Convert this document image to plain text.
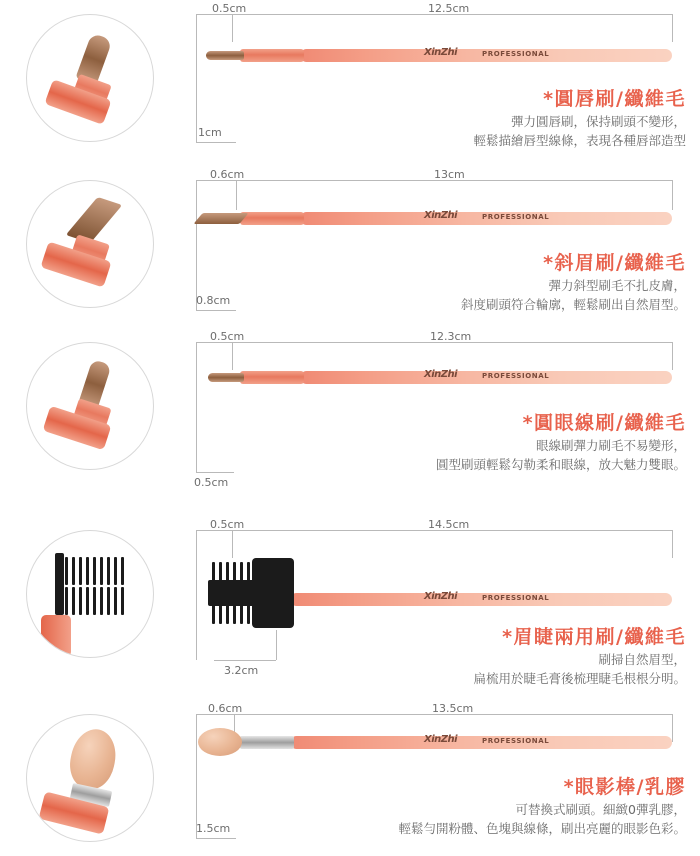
0.5cm	12.5cm
1cm
XinZhi	PROFESSIONAL
*圓唇刷/纖維毛
彈力圓唇刷，保持刷頭不變形，
輕鬆描繪唇型線條，表現各種唇部造型
0.6cm	13cm
0.8cm
XinZhi	PROFESSIONAL
*斜眉刷/纖維毛
彈力斜型刷毛不扎皮膚，
斜度刷頭符合輪廓，輕鬆刷出自然眉型。
0.5cm	12.3cm
0.5cm
XinZhi	PROFESSIONAL
*圓眼線刷/纖維毛
眼線刷彈力刷毛不易變形，
圓型刷頭輕鬆勾勒柔和眼線，放大魅力雙眼。
0.5cm	14.5cm
3.2cm
XinZhi	PROFESSIONAL
*眉睫兩用刷/纖維毛
刷掃自然眉型，
扁梳用於睫毛膏後梳理睫毛根根分明。
0.6cm	13.5cm
1.5cm
XinZhi	PROFESSIONAL
*眼影棒/乳膠
可替換式刷頭。細緻0彈乳膠，
輕鬆勻開粉體、色塊與線條，刷出亮麗的眼影色彩。
